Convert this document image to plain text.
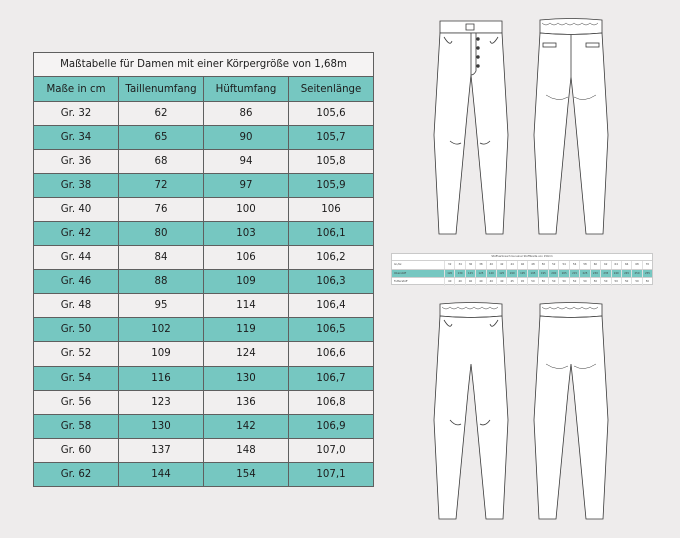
Maßtabelle für Damen mit einer Körpergröße von 1,68m			
Maße in cm	Taillenumfang	Hüftumfang	Seitenlänge
Gr. 32	62	86	105,6
Gr. 34	65	90	105,7
Gr. 36	68	94	105,8
Gr. 38	72	97	105,9
Gr. 40	76	100	106
Gr. 42	80	103	106,1
Gr. 44	84	106	106,2
Gr. 46	88	109	106,3
Gr. 48	95	114	106,4
Gr. 50	102	119	106,5
Gr. 52	109	124	106,6
Gr. 54	116	130	106,7
Gr. 56	123	136	106,8
Gr. 58	130	142	106,9
Gr. 60	137	148	107,0
Gr. 62	144	154	107,1
Stoffverbrauch bei einer Stoffbreite von 150cm
Gr./Gr.	32	34	36	38	40	42	44	46	48	50	52	54	56	58	60	62	64	66	68	70
Oberstoff	120	130	125	125	120	125	190	195	195	195	200	205	215	225	230	235	240	245	250	255
Futterstoff	40	40	40	40	40	40	45	45	50	50	50	50	50	50	50	50	50	50	50	50
